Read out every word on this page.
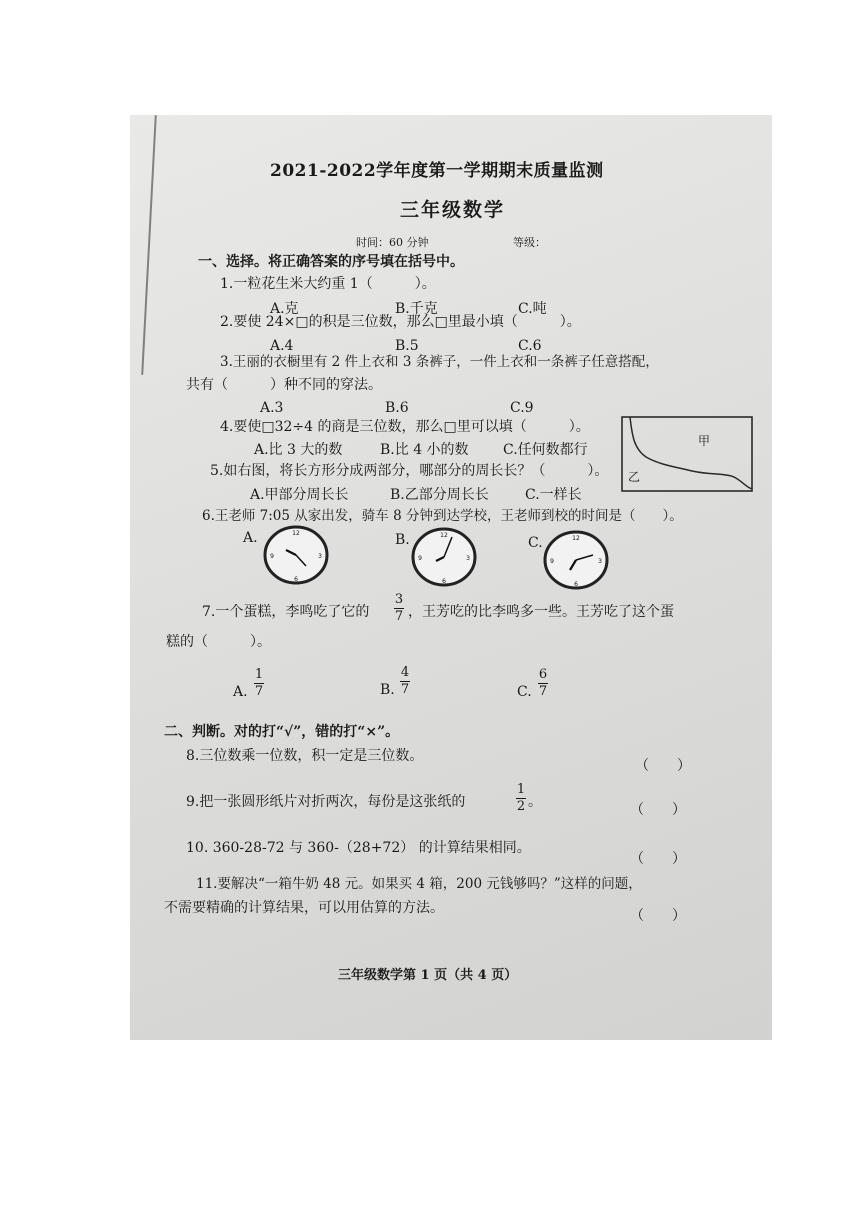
2021-2022学年度第一学期期末质量监测
三年级数学
时间：60 分钟	等级：
一、选择。将正确答案的序号填在括号中。
1.一粒花生米大约重 1（　　　）。
A.克	B.千克	C.吨
2.要使 24×□的积是三位数，那么□里最小填（　　　）。
A.4	B.5	C.6
3.王丽的衣橱里有 2 件上衣和 3 条裤子，一件上衣和一条裤子任意搭配，
共有（　　　）种不同的穿法。
A.3	B.6	C.9
4.要使□32÷4 的商是三位数，那么□里可以填（　　　）。
A.比 3 大的数	B.比 4 小的数 C.任何数都行
甲
乙
5.如右图，将长方形分成两部分，哪部分的周长长？（　　　）。
A.甲部分周长长	B.乙部分周长长	C.一样长
6.王老师 7:05 从家出发，骑车 8 分钟到达学校，王老师到校的时间是（　　）。
A.	B.	C.
12
3
6
9
12
3
6
9
12
3
6
9
7.一个蛋糕，李鸣吃了它的
3
7 ，王芳吃的比李鸣多一些。王芳吃了这个蛋
糕的（　　　）。
A.
1
7	B.
4
7	C.
6
7
二、判断。对的打“√”，错的打“×”。
8.三位数乘一位数，积一定是三位数。
（　　）
9.把一张圆形纸片对折两次，每份是这张纸的
1
2 。	（　　）
10. 360-28-72 与 360-（28+72） 的计算结果相同。
（　　）
11.要解决“一箱牛奶 48 元。如果买 4 箱，200 元钱够吗？”这样的问题，
不需要精确的计算结果，可以用估算的方法。	（　　）
三年级数学第 1 页（共 4 页）
